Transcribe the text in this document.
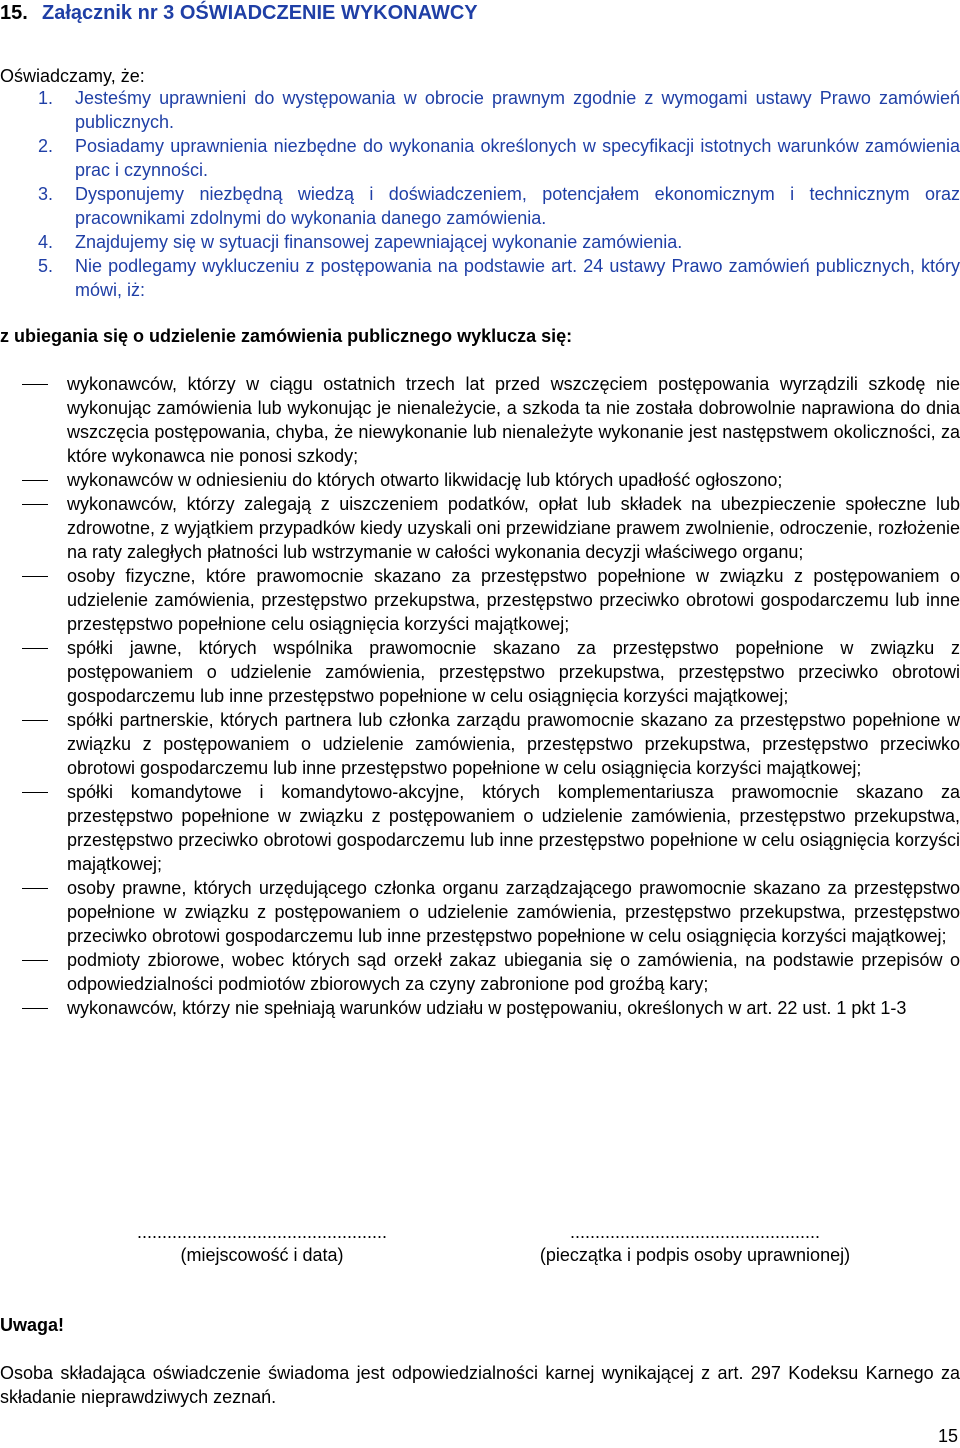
15. Załącznik nr 3 OŚWIADCZENIE WYKONAWCY
Oświadczamy, że:
1. Jesteśmy uprawnieni do występowania w obrocie prawnym zgodnie z wymogami ustawy Prawo zamówień publicznych.
2. Posiadamy uprawnienia niezbędne do wykonania określonych w specyfikacji istotnych warunków zamówienia prac i czynności.
3. Dysponujemy niezbędną wiedzą i doświadczeniem, potencjałem ekonomicznym i technicznym oraz pracownikami zdolnymi do wykonania danego zamówienia.
4. Znajdujemy się w sytuacji finansowej zapewniającej wykonanie zamówienia.
5. Nie podlegamy wykluczeniu z postępowania na podstawie art. 24 ustawy Prawo zamówień publicznych, który mówi, iż:
z ubiegania się o udzielenie zamówienia publicznego wyklucza się:
wykonawców, którzy w ciągu ostatnich trzech lat przed wszczęciem postępowania wyrządzili szkodę nie wykonując zamówienia lub wykonując je nienależycie, a szkoda ta nie została dobrowolnie naprawiona do dnia wszczęcia postępowania, chyba, że niewykonanie lub nienależyte wykonanie jest następstwem okoliczności, za które wykonawca nie ponosi szkody;
wykonawców w odniesieniu do których otwarto likwidację lub których upadłość ogłoszono;
wykonawców, którzy zalegają z uiszczeniem podatków, opłat lub składek na ubezpieczenie społeczne lub zdrowotne, z wyjątkiem przypadków kiedy uzyskali oni przewidziane prawem zwolnienie, odroczenie, rozłożenie na raty zaległych płatności lub wstrzymanie w całości wykonania decyzji właściwego organu;
osoby fizyczne, które prawomocnie skazano za przestępstwo popełnione w związku z postępowaniem o udzielenie zamówienia, przestępstwo przekupstwa, przestępstwo przeciwko obrotowi gospodarczemu lub inne przestępstwo popełnione celu osiągnięcia korzyści majątkowej;
spółki jawne, których wspólnika prawomocnie skazano za przestępstwo popełnione w związku z postępowaniem o udzielenie zamówienia, przestępstwo przekupstwa, przestępstwo przeciwko obrotowi gospodarczemu lub inne przestępstwo popełnione w celu osiągnięcia korzyści majątkowej;
spółki partnerskie, których partnera lub członka zarządu prawomocnie skazano za przestępstwo popełnione w związku z postępowaniem o udzielenie zamówienia, przestępstwo przekupstwa, przestępstwo przeciwko obrotowi gospodarczemu lub inne przestępstwo popełnione w celu osiągnięcia korzyści majątkowej;
spółki komandytowe i komandytowo-akcyjne, których komplementariusza prawomocnie skazano za przestępstwo popełnione w związku z postępowaniem o udzielenie zamówienia, przestępstwo przekupstwa, przestępstwo przeciwko obrotowi gospodarczemu lub inne przestępstwo popełnione w celu osiągnięcia korzyści majątkowej;
osoby prawne, których urzędującego członka organu zarządzającego prawomocnie skazano za przestępstwo popełnione w związku z postępowaniem o udzielenie zamówienia, przestępstwo przekupstwa, przestępstwo przeciwko obrotowi gospodarczemu lub inne przestępstwo popełnione w celu osiągnięcia korzyści majątkowej;
podmioty zbiorowe, wobec których sąd orzekł zakaz ubiegania się o zamówienia, na podstawie przepisów o odpowiedzialności podmiotów zbiorowych za czyny zabronione pod groźbą kary;
wykonawców, którzy nie spełniają warunków udziału w postępowaniu, określonych w art. 22 ust. 1 pkt 1-3
..................................................
(miejscowość i data)
..................................................
(pieczątka i podpis osoby uprawnionej)
Uwaga!
Osoba składająca oświadczenie świadoma jest odpowiedzialności karnej wynikającej z art. 297 Kodeksu Karnego za składanie nieprawdziwych zeznań.
15
